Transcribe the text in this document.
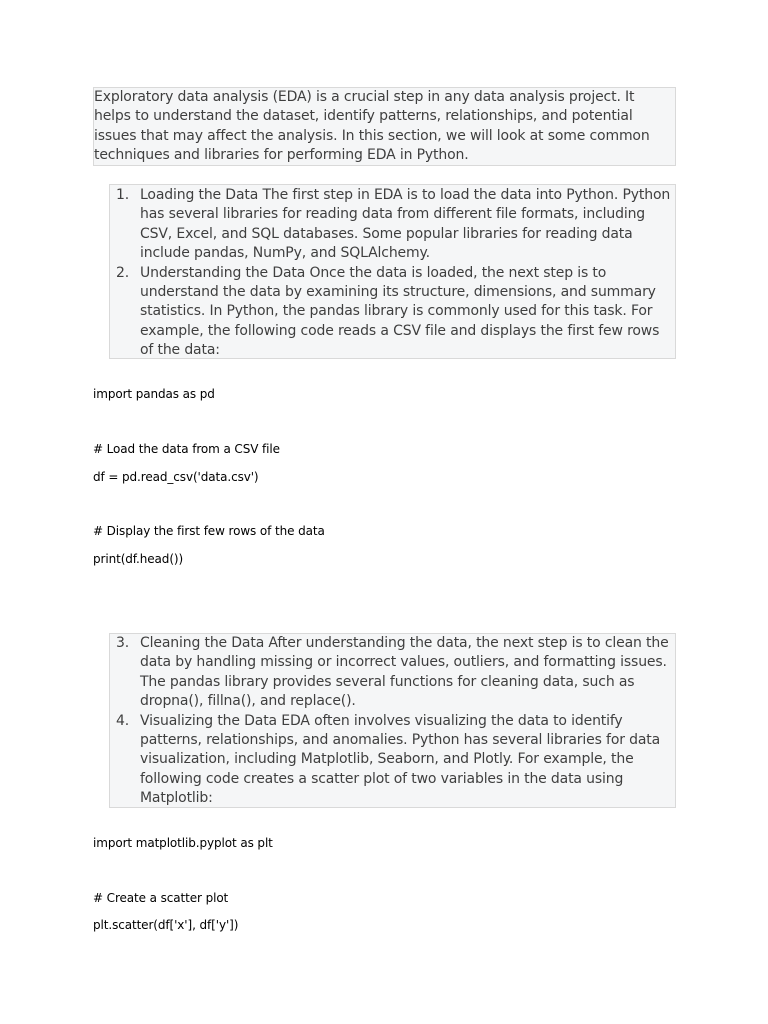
Exploratory data analysis (EDA) is a crucial step in any data analysis project. It helps to understand the dataset, identify patterns, relationships, and potential issues that may affect the analysis. In this section, we will look at some common techniques and libraries for performing EDA in Python.
1. Loading the Data The first step in EDA is to load the data into Python. Python has several libraries for reading data from different file formats, including CSV, Excel, and SQL databases. Some popular libraries for reading data include pandas, NumPy, and SQLAlchemy.
2. Understanding the Data Once the data is loaded, the next step is to understand the data by examining its structure, dimensions, and summary statistics. In Python, the pandas library is commonly used for this task. For example, the following code reads a CSV file and displays the first few rows of the data:
import pandas as pd
# Load the data from a CSV file
df = pd.read_csv('data.csv')
# Display the first few rows of the data
print(df.head())
3. Cleaning the Data After understanding the data, the next step is to clean the data by handling missing or incorrect values, outliers, and formatting issues. The pandas library provides several functions for cleaning data, such as dropna(), fillna(), and replace().
4. Visualizing the Data EDA often involves visualizing the data to identify patterns, relationships, and anomalies. Python has several libraries for data visualization, including Matplotlib, Seaborn, and Plotly. For example, the following code creates a scatter plot of two variables in the data using Matplotlib:
import matplotlib.pyplot as plt
# Create a scatter plot
plt.scatter(df['x'], df['y'])
